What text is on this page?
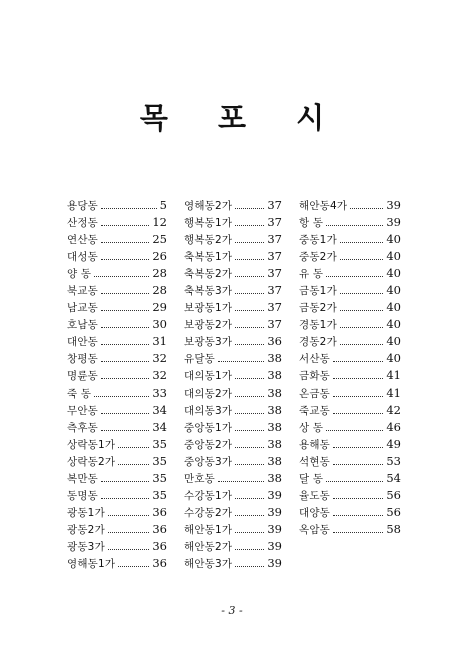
목 포 시
용당동	5
산정동	12
연산동	25
대성동	26
양 동	28
북교동	28
남교동	29
호남동	30
대안동	31
창평동	32
명륜동	32
죽 동	33
무안동	34
측후동	34
상락동1가	35
상락동2가	35
복만동	35
동명동	35
광동1가	36
광동2가	36
광동3가	36
영해동1가	36
영해동2가	37
행복동1가	37
행복동2가	37
축복동1가	37
축복동2가	37
축복동3가	37
보광동1가	37
보광동2가	37
보광동3가	36
유달동	38
대의동1가	38
대의동2가	38
대의동3가	38
중앙동1가	38
중앙동2가	38
중앙동3가	38
만호동	38
수강동1가	39
수강동2가	39
해안동1가	39
해안동2가	39
해안동3가	39
해안동4가	39
항 동	39
중동1가	40
중동2가	40
유 동	40
금동1가	40
금동2가	40
경동1가	40
경동2가	40
서산동	40
금화동	41
온금동	41
죽교동	42
상 동	46
용해동	49
석현동	53
달 동	54
율도동	56
대양동	56
옥암동	58
- 3 -
